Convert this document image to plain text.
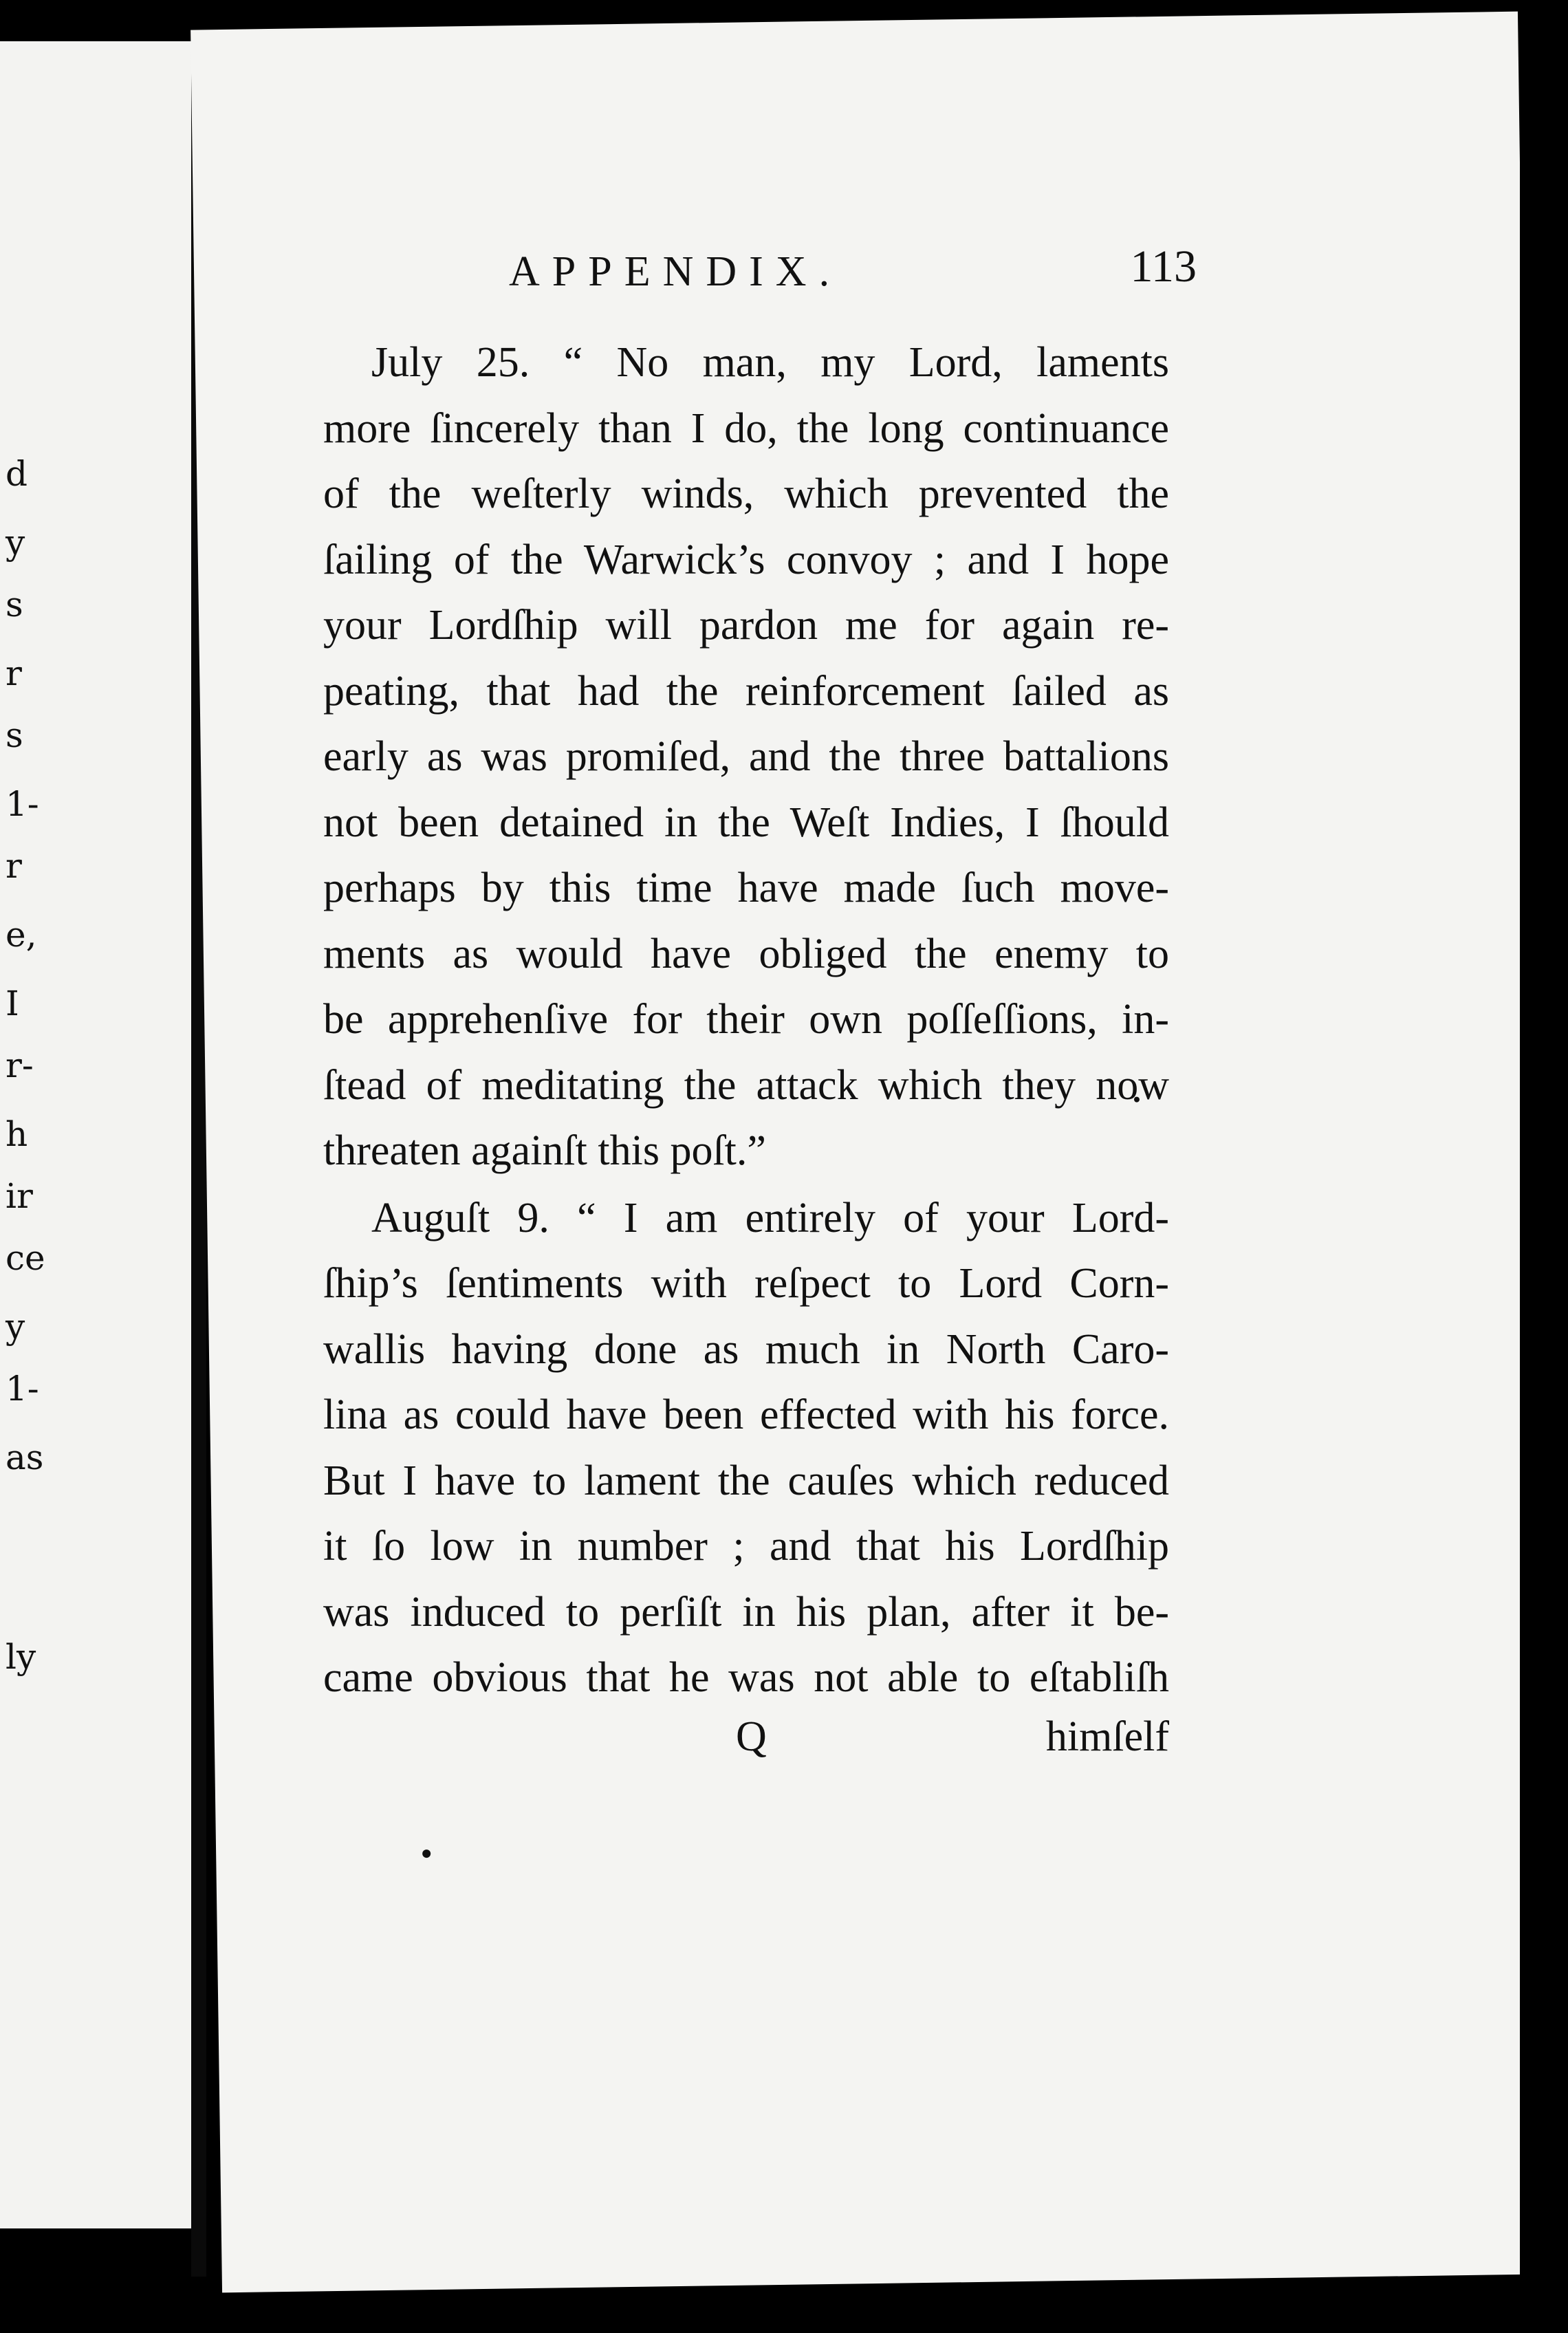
d
y
s
r
s
1-
r
e,
I
r-
h
ir
ce
y
1-
as
ly
APPENDIX.	113
July 25. “ No man, my Lord, laments
more ſincerely than I do, the long continuance
of the weſterly winds, which prevented the
ſailing of the Warwick’s convoy ; and I hope
your Lordſhip will pardon me for again re-
peating, that had the reinforcement ſailed as
early as was promiſed, and the three battalions
not been detained in the Weſt Indies, I ſhould
perhaps by this time have made ſuch move-
ments as would have obliged the enemy to
be apprehenſive for their own poſſeſſions, in-
ſtead of meditating the attack which they now
threaten againſt this poſt.”
Auguſt 9. “ I am entirely of your Lord-
ſhip’s ſentiments with reſpect to Lord Corn-
wallis having done as much in North Caro-
lina as could have been effected with his force.
But I have to lament the cauſes which reduced
it ſo low in number ; and that his Lordſhip
was induced to perſiſt in his plan, after it be-
came obvious that he was not able to eſtabliſh
Q	himſelf
